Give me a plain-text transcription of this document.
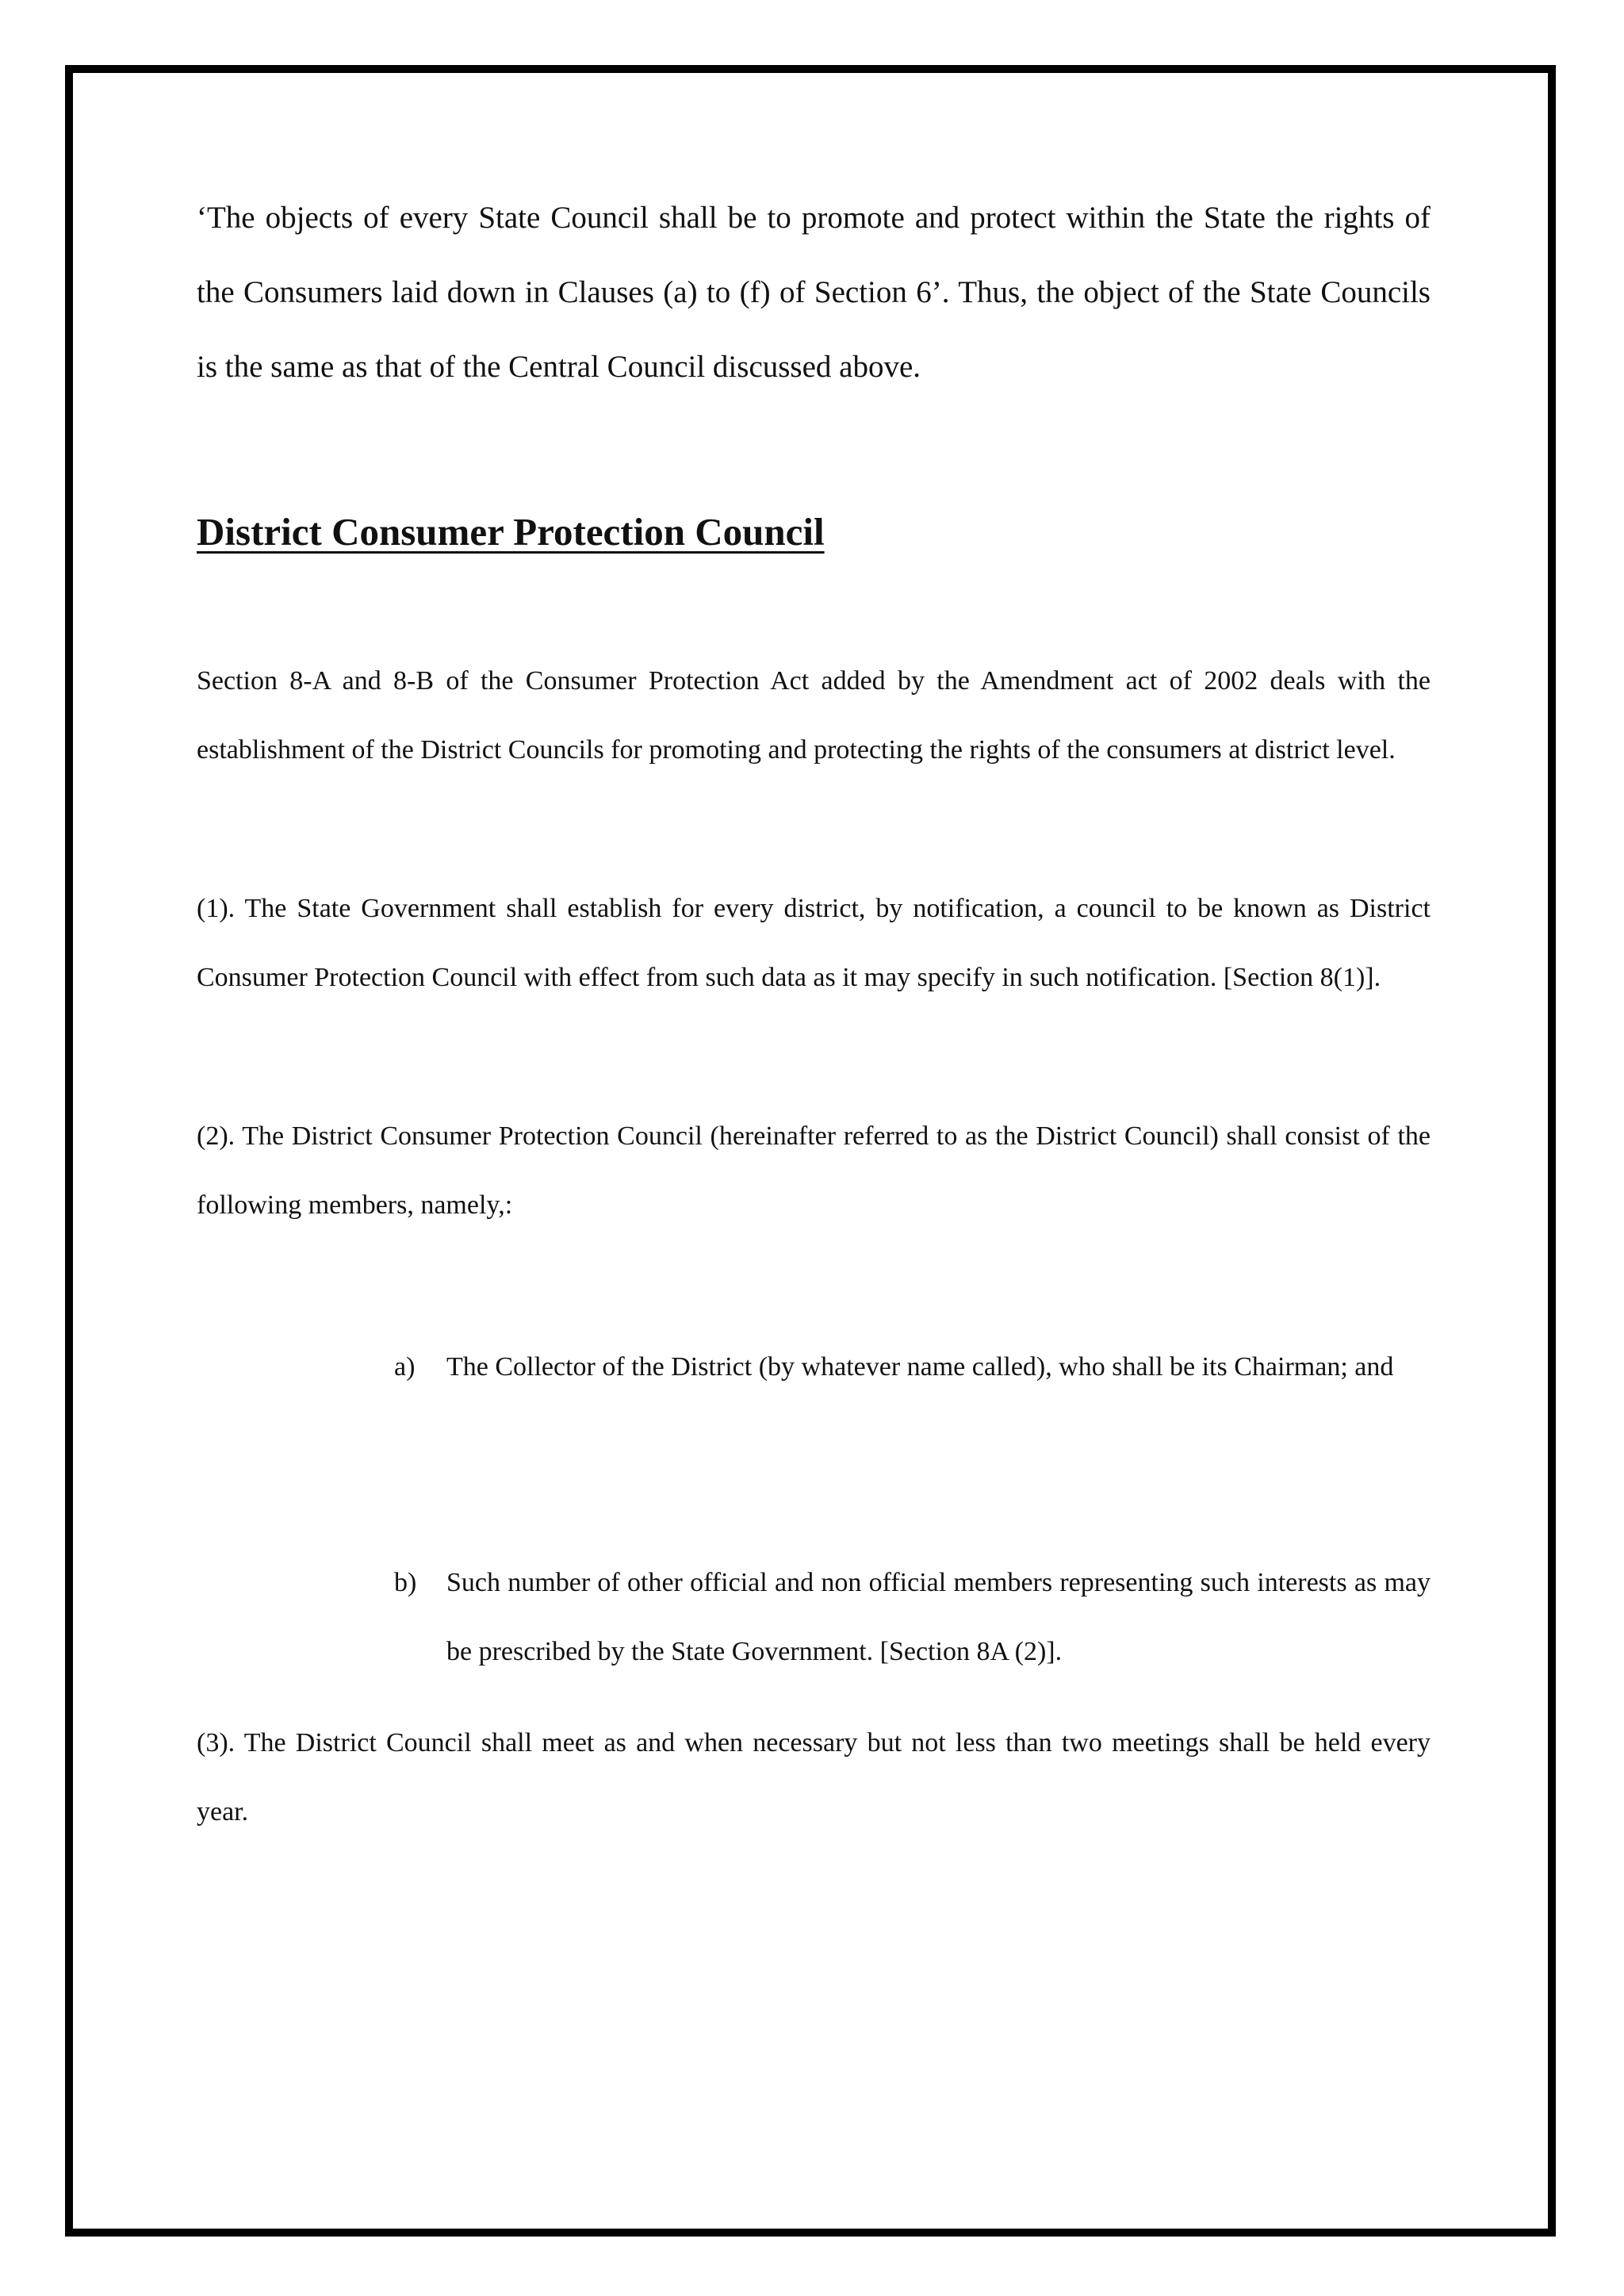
‘The objects of every State Council shall be to promote and protect within the State the rights of the Consumers laid down in Clauses (a) to (f) of Section 6’. Thus, the object of the State Councils is the same as that of the Central Council discussed above.

District Consumer Protection Council

Section 8-A and 8-B of the Consumer Protection Act added by the Amendment act of 2002 deals with the establishment of the District Councils for promoting and protecting the rights of the consumers at district level.

(1). The State Government shall establish for every district, by notification, a council to be known as District Consumer Protection Council with effect from such data as it may specify in such notification. [Section 8(1)].

(2). The District Consumer Protection Council (hereinafter referred to as the District Council) shall consist of the following members, namely,:

a) The Collector of the District (by whatever name called), who shall be its Chairman; and
b) Such number of other official and non official members representing such interests as may be prescribed by the State Government. [Section 8A (2)].

(3). The District Council shall meet as and when necessary but not less than two meetings shall be held every year.
